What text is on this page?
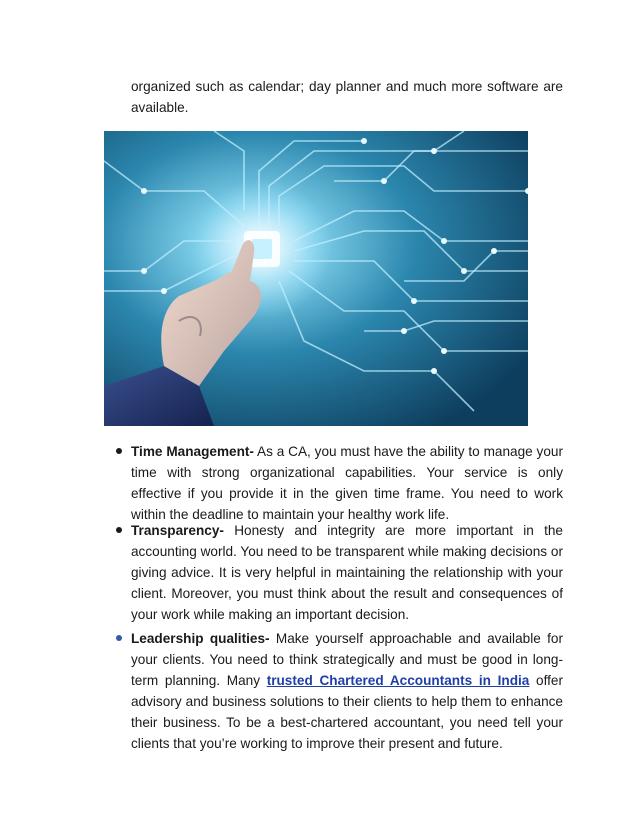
organized such as calendar; day planner and much more software are available.
Time Management- As a CA, you must have the ability to manage your time with strong organizational capabilities. Your service is only effective if you provide it in the given time frame. You need to work within the deadline to maintain your healthy work life.
Transparency- Honesty and integrity are more important in the accounting world. You need to be transparent while making decisions or giving advice. It is very helpful in maintaining the relationship with your client. Moreover, you must think about the result and consequences of your work while making an important decision.
Leadership qualities- Make yourself approachable and available for your clients. You need to think strategically and must be good in long-term planning. Many trusted Chartered Accountants in India offer advisory and business solutions to their clients to help them to enhance their business. To be a best-chartered accountant, you need tell your clients that you’re working to improve their present and future.
